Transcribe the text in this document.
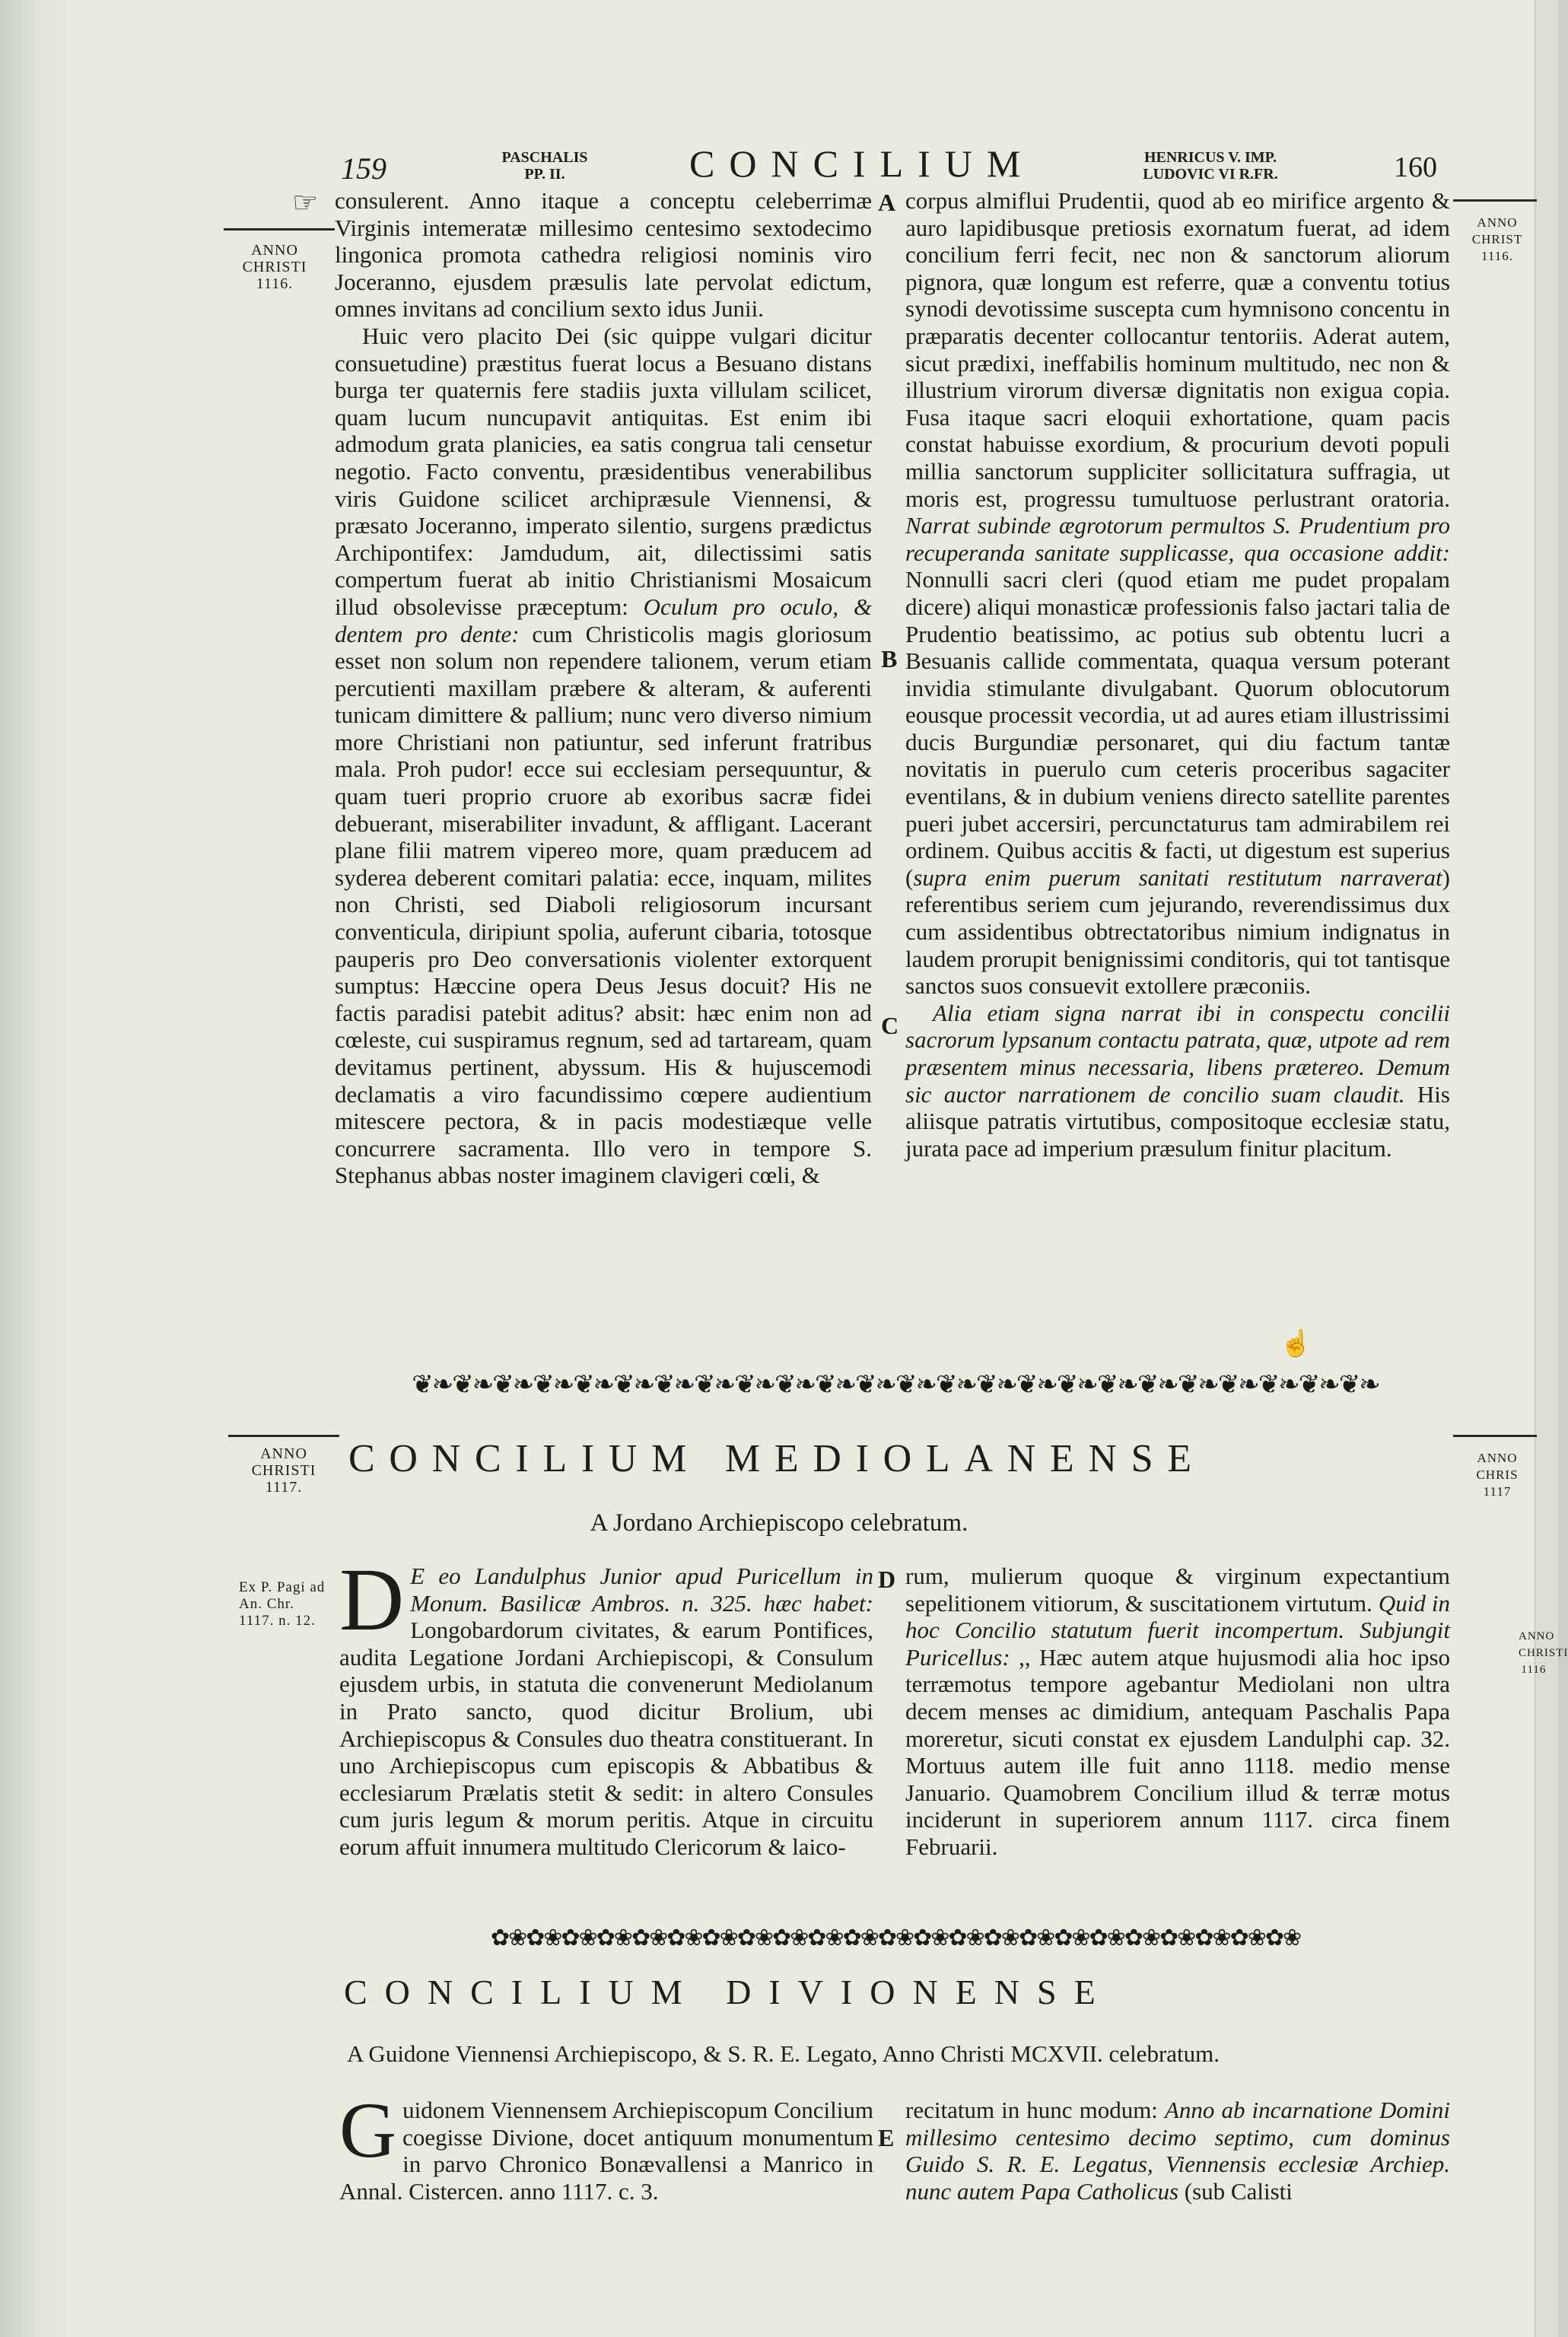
159	PASCHALIS
PP. II.	CONCILIUM	HENRICUS V. IMP.
LUDOVIC VI R.FR.	160
☞
ANNO CHRISTI 1116.
ANNO CHRIST 1116.
A
B
C
D
E
consulerent. Anno itaque a conceptu celeberrimæ Virginis intemeratæ millesimo centesimo sextodecimo lingonica promota cathedra religiosi nominis viro Joceranno, ejusdem præsulis late pervolat edictum, omnes invitans ad concilium sexto idus Junii.
Huic vero placito Dei (sic quippe vulgari dicitur consuetudine) præstitus fuerat locus a Besuano distans burga ter quaternis fere stadiis juxta villulam scilicet, quam lucum nuncupavit antiquitas. Est enim ibi admodum grata planicies, ea satis congrua tali censetur negotio. Facto conventu, præsidentibus venerabilibus viris Guidone scilicet archipræsule Viennensi, & præsato Joceranno, imperato silentio, surgens prædictus Archipontifex: Jamdudum, ait, dilectissimi satis compertum fuerat ab initio Christianismi Mosaicum illud obsolevisse præceptum: Oculum pro oculo, & dentem pro dente: cum Christicolis magis gloriosum esset non solum non rependere talionem, verum etiam percutienti maxillam præbere & alteram, & auferenti tunicam dimittere & pallium; nunc vero diverso nimium more Christiani non patiuntur, sed inferunt fratribus mala. Proh pudor! ecce sui ecclesiam persequuntur, & quam tueri proprio cruore ab exoribus sacræ fidei debuerant, miserabiliter invadunt, & affligant. Lacerant plane filii matrem vipereo more, quam præducem ad syderea deberent comitari palatia: ecce, inquam, milites non Christi, sed Diaboli religiosorum incursant conventicula, diripiunt spolia, auferunt cibaria, totosque pauperis pro Deo conversationis violenter extorquent sumptus: Hæccine opera Deus Jesus docuit? His ne factis paradisi patebit aditus? absit: hæc enim non ad cœleste, cui suspiramus regnum, sed ad tartaream, quam devitamus pertinent, abyssum. His & hujuscemodi declamatis a viro facundissimo cœpere audientium mitescere pectora, & in pacis modestiæque velle concurrere sacramenta. Illo vero in tempore S. Stephanus abbas noster imaginem clavigeri cœli, &
corpus almiflui Prudentii, quod ab eo mirifice argento & auro lapidibusque pretiosis exornatum fuerat, ad idem concilium ferri fecit, nec non & sanctorum aliorum pignora, quæ longum est referre, quæ a conventu totius synodi devotissime suscepta cum hymnisono concentu in præparatis decenter collocantur tentoriis. Aderat autem, sicut prædixi, ineffabilis hominum multitudo, nec non & illustrium virorum diversæ dignitatis non exigua copia. Fusa itaque sacri eloquii exhortatione, quam pacis constat habuisse exordium, & procurium devoti populi millia sanctorum suppliciter sollicitatura suffragia, ut moris est, progressu tumultuose perlustrant oratoria. Narrat subinde ægrotorum permultos S. Prudentium pro recuperanda sanitate supplicasse, qua occasione addit: Nonnulli sacri cleri (quod etiam me pudet propalam dicere) aliqui monasticæ professionis falso jactari talia de Prudentio beatissimo, ac potius sub obtentu lucri a Besuanis callide commentata, quaqua versum poterant invidia stimulante divulgabant. Quorum oblocutorum eousque processit vecordia, ut ad aures etiam illustrissimi ducis Burgundiæ personaret, qui diu factum tantæ novitatis in puerulo cum ceteris proceribus sagaciter eventilans, & in dubium veniens directo satellite parentes pueri jubet accersiri, percunctaturus tam admirabilem rei ordinem. Quibus accitis & facti, ut digestum est superius (supra enim puerum sanitati restitutum narraverat) referentibus seriem cum jejurando, reverendissimus dux cum assidentibus obtrectatoribus nimium indignatus in laudem prorupit benignissimi conditoris, qui tot tantisque sanctos suos consuevit extollere præconiis.
Alia etiam signa narrat ibi in conspectu concilii sacrorum lypsanum contactu patrata, quæ, utpote ad rem præsentem minus necessaria, libens prætereo. Demum sic auctor narrationem de concilio suam claudit. His aliisque patratis virtutibus, compositoque ecclesiæ statu, jurata pace ad imperium præsulum finitur placitum.
☝
❦❧❦❧❦❧❦❧❦❧❦❧❦❧❦❧❦❧❦❧❦❧❦❧❦❧❦❧❦❧❦❧❦❧❦❧❦❧❦❧❦❧❦❧❦❧❦❧
ANNO CHRISTI 1117.
ANNO CHRIS 1117
CONCILIUM MEDIOLANENSE
A Jordano Archiepiscopo celebratum.
Ex P. Pagi ad An. Chr. 1117. n. 12.
ANNO CHRISTI 1116
D E eo Landulphus Junior apud Puricellum in Monum. Basilicæ Ambros. n. 325. hæc habet: Longobardorum civitates, & earum Pontifices, audita Legatione Jordani Archiepiscopi, & Consulum ejusdem urbis, in statuta die convenerunt Mediolanum in Prato sancto, quod dicitur Brolium, ubi Archiepiscopus & Consules duo theatra constituerant. In uno Archiepiscopus cum episcopis & Abbatibus & ecclesiarum Prælatis stetit & sedit: in altero Consules cum juris legum & morum peritis. Atque in circuitu eorum affuit innumera multitudo Clericorum & laico-
rum, mulierum quoque & virginum expectantium sepelitionem vitiorum, & suscitationem virtutum. Quid in hoc Concilio statutum fuerit incompertum. Subjungit Puricellus: ,, Hæc autem atque hujusmodi alia hoc ipso terræmotus tempore agebantur Mediolani non ultra decem menses ac dimidium, antequam Paschalis Papa moreretur, sicuti constat ex ejusdem Landulphi cap. 32. Mortuus autem ille fuit anno 1118. medio mense Januario. Quamobrem Concilium illud & terræ motus inciderunt in superiorem annum 1117. circa finem Februarii.
✿❀✿❀✿❀✿❀✿❀✿❀✿❀✿❀✿❀✿❀✿❀✿❀✿❀✿❀✿❀✿❀✿❀✿❀✿❀✿❀✿❀✿❀✿❀
CONCILIUM DIVIONENSE
A Guidone Viennensi Archiepiscopo, & S. R. E. Legato, Anno Christi MCXVII. celebratum.
G uidonem Viennensem Archiepiscopum Concilium coegisse Divione, docet antiquum monumentum in parvo Chronico Bonævallensi a Manrico in Annal. Cistercen. anno 1117. c. 3.
recitatum in hunc modum: Anno ab incarnatione Domini millesimo centesimo decimo septimo, cum dominus Guido S. R. E. Legatus, Viennensis ecclesiæ Archiep. nunc autem Papa Catholicus (sub Calisti
